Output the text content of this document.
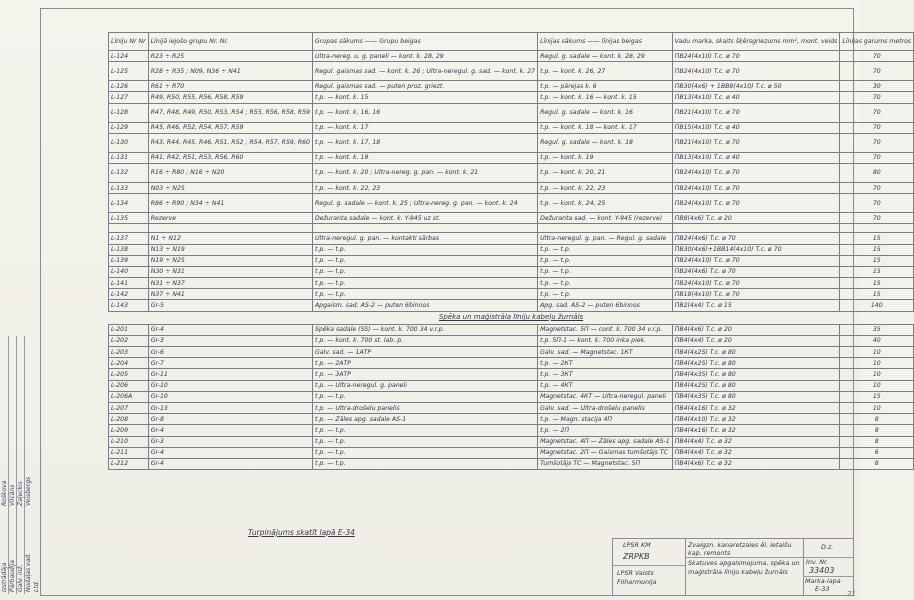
Līniju Nr Nr	Līnijā iejošo grupu Nr. Nr.	Grupas sākums —— Grupu beigas	Līnijas sākums —— līnijas beigas	Vadu marka, skaits šķērsgriezums mm², mont. veids	Līnijas garums metros
L-124	R23 ÷ R25	Ultra-nereg. u. g. paneli — kont. k. 28, 29	Regul. g. sadale — kont. k. 28, 29	ПВ24(4x10) T.c. ø 70	70
L-125	R28 ÷ R35 ; N09, N36 ÷ N41	Regul. gaismas sad. — kont. k. 26 ; Ultra-neregul. g. sad. — kont. k. 27	t.p. — kont. k. 26, 27	ПВ24(4x10) T.c. ø 70	70
L-126	R61 ÷ R70	Regul. gaismas sad. — puten proz. griezt.	t.p. — pārejas k. 6	ПВ30(4x6) + 1ВВ8(4x10) T.c. ø 50	30
L-127	R49, R50, R55, R56, R58, R59	t.p. — kont. k. 15	t.p. — kont. k. 16 — kont. k. 15	ПВ13(4x10) T.c. ø 40	70
L-128	R47, R48, R49, R50, R53, R54 ; R55, R56, R58, R59	t.p. — kont. k. 16, 16	Regul. g. sadale — kont. k. 16	ПВ21(4x10) T.c. ø 70	70
L-129	R45, R46, R52, R54, R57, R59	t.p. — kont. k. 17	t.p. — kont. k. 18 — kont. k. 17	ПВ15(4x10) T.c. ø 40	70
L-130	R43, R44, R45, R46, R51, R52 ; R54, R57, R59, R60	t.p. — kont. k. 17, 18	Regul. g. sadale — kont. k. 18	ПВ21(4x10) T.c. ø 70	70
L-131	R41, R42, R51, R53, R56, R60	t.p. — kont. k. 19	t.p. — kont. k. 19	ПВ13(4x10) T.c. ø 40	70
L-132	R16 ÷ R80 ; N16 ÷ N20	t.p. — kont. k. 20 ; Ultra-nereg. g. pan. — kont. k. 21	t.p. — kont. k. 20, 21	ПВ24(4x10) T.c. ø 70	80
L-133	N03 ÷ N25	t.p. — kont. k. 22, 23	t.p. — kont. k. 22, 23	ПВ24(4x10) T.c. ø 70	70
L-134	R86 ÷ R90 ; N34 ÷ N41	Regul. g. sadale — kont. k. 25 ; Ultra-nereg. g. pan. — kont. k. 24	t.p. — kont. k. 24, 25	ПВ24(4x10) T.c. ø 70	70
L-135	Rezerve	Dežuranta sadale — kont. k. Y-945 uz st.	Dežuranta sad. — kont. Y-945 (rezerve)	ПВ8(4x6) T.c. ø 20	70

L-137	N1 ÷ N12	Ultra-neregul. g. pan. — kontakti sārbas	Ultra-neregul. g. pan. — Regul. g. sadale	ПВ24(4x6) T.c. ø 70	15
L-138	N13 ÷ N19	t.p. — t.p.	t.p. — t.p.	ПВ30(4x6)+1ВВ14(4x10) T.c. ø 70	15
L-139	N19 ÷ N25	t.p. — t.p.	t.p. — t.p.	ПВ24(4x10) T.c. ø 70	15
L-140	N30 ÷ N31	t.p. — t.p.	t.p. — t.p.	ПВ24(4x6) T.c. ø 70	15
L-141	N31 ÷ N37	t.p. — t.p.	t.p. — t.p.	ПВ24(4x10) T.c. ø 70	15
L-142	N37 ÷ N41	t.p. — t.p.	t.p. — t.p.	ПВ18(4x10) T.c. ø 70	15
L-143	Gr-5	Apgaism. sad. AS-2 — puten 6binnos	Apg. sad. AS-2 — puten 6binnos	ПВ2(4x4) T.c. ø 15	140
Spēka un maģistrāla līniju kabeļu žurnāls					
L-201	Gr-4	Spēka sadale (SS) — kont. k. 700 34 v.r.p.	Magnetstac. 5П — cont. k. 700 34 v.r.p.	ПВ4(4x6) T.c. ø 20	35
L-202	Gr-3	t.p. — kont. k. 700 st. lab. p.	t.p. 5П-1 — kont. k. 700 inka piek.	ПВ4(4x4) T.c. ø 20	40
L-203	Gr-6	Galv. sad. — 1АТР	Galv. sad. — Magnetstac. 1КТ	ПВ4(4x25) T.c. ø 80	10
L-204	Gr-7	t.p. — 2АТР	t.p. — 2КТ	ПВ4(4x25) T.c. ø 80	10
L-205	Gr-11	t.p. — 3АТР	t.p. — 3КТ	ПВ4(4x35) T.c. ø 80	10
L-206	Gr-10	t.p. — Ultra-neregul. g. paneli	t.p. — 4КТ	ПВ4(4x25) T.c. ø 80	10
L-206A	Gr-10	t.p. — t.p.	Magnetstac. 4КТ — Ultra-neregul. paneli	ПВ4(4x35) T.c. ø 80	15
L-207	Gr-13	t.p. — Ultra-drošelu panelis	Galv. sad. — Ultra-drošelu panelis	ПВ4(4x16) T.c. ø 32	10
L-208	Gr-8	t.p. — Zāles apg. sadale AS-1	t.p. — Magn. stacija 4П	ПВ4(4x10) T.c. ø 32	8
L-209	Gr-4	t.p. — t.p.	t.p. — 2П	ПВ4(4x16) T.c. ø 32	8
L-210	Gr-3	t.p. — t.p.	Magnetstac. 4П — Zāles apg. sadale AS-1	ПВ4(4x4) T.c. ø 32	8
L-211	Gr-4	t.p. — t.p.	Magnetstac. 2П — Gaismas tumšotājs TC	ПВ4(4x4) T.c. ø 32	6
L-212	Gr-4	t.p. — t.p.	Tumšotājs TC — Magnetstac. 5П	ПВ4(4x6) T.c. ø 32	8
Izstrādāja Pārbaudīja Galv. inž. Nodaļas vad.
Roškova Vilcāns Zaļeckis Veisbergs
Ltd.
Turpinājums skatīt lapā E-34
LPSR KM
ZRPKB
LPSR Valsts Filharmonija
Zvaigzn. kanaretzales ēl. ietaišu kap. remonts
Skatuves apgaismojuma, spēka un maģistrāla līniju kabeļu žurnāls
D.z.
Inv. Nr.
33403
Marka-lapa
E-33
21
